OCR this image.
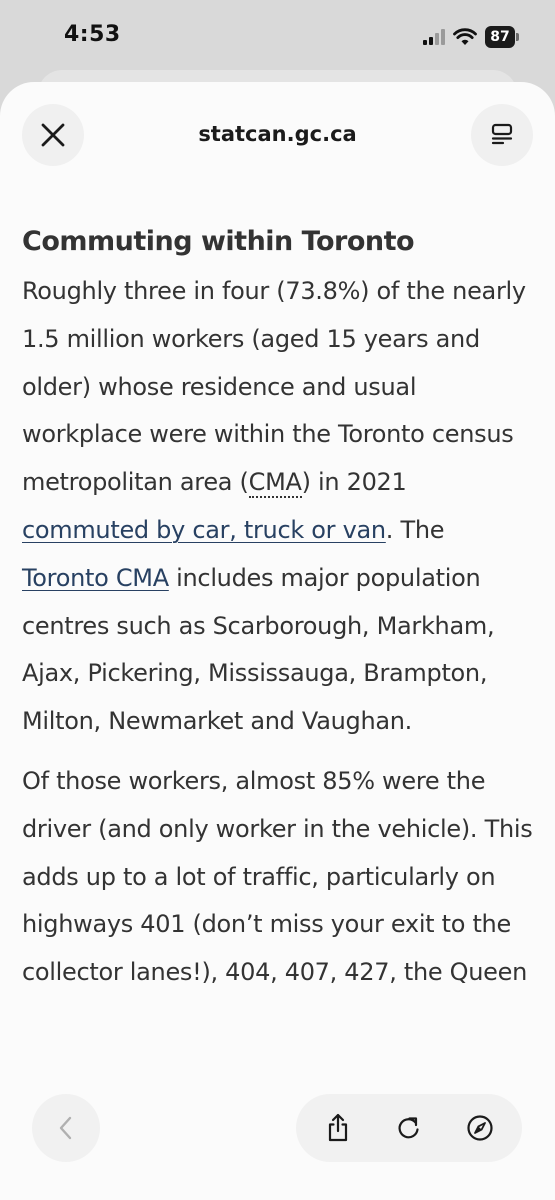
4:53	87
statcan.gc.ca
Commuting within Toronto

Roughly three in four (73.8%) of the nearly 1.5 million workers (aged 15 years and older) whose residence and usual workplace were within the Toronto census metropolitan area (CMA) in 2021 commuted by car, truck or van. The Toronto CMA includes major population centres such as Scarborough, Markham, Ajax, Pickering, Mississauga, Brampton, Milton, Newmarket and Vaughan.

Of those workers, almost 85% were the driver (and only worker in the vehicle). This adds up to a lot of traffic, particularly on highways 401 (don’t miss your exit to the collector lanes!), 404, 407, 427, the Queen
